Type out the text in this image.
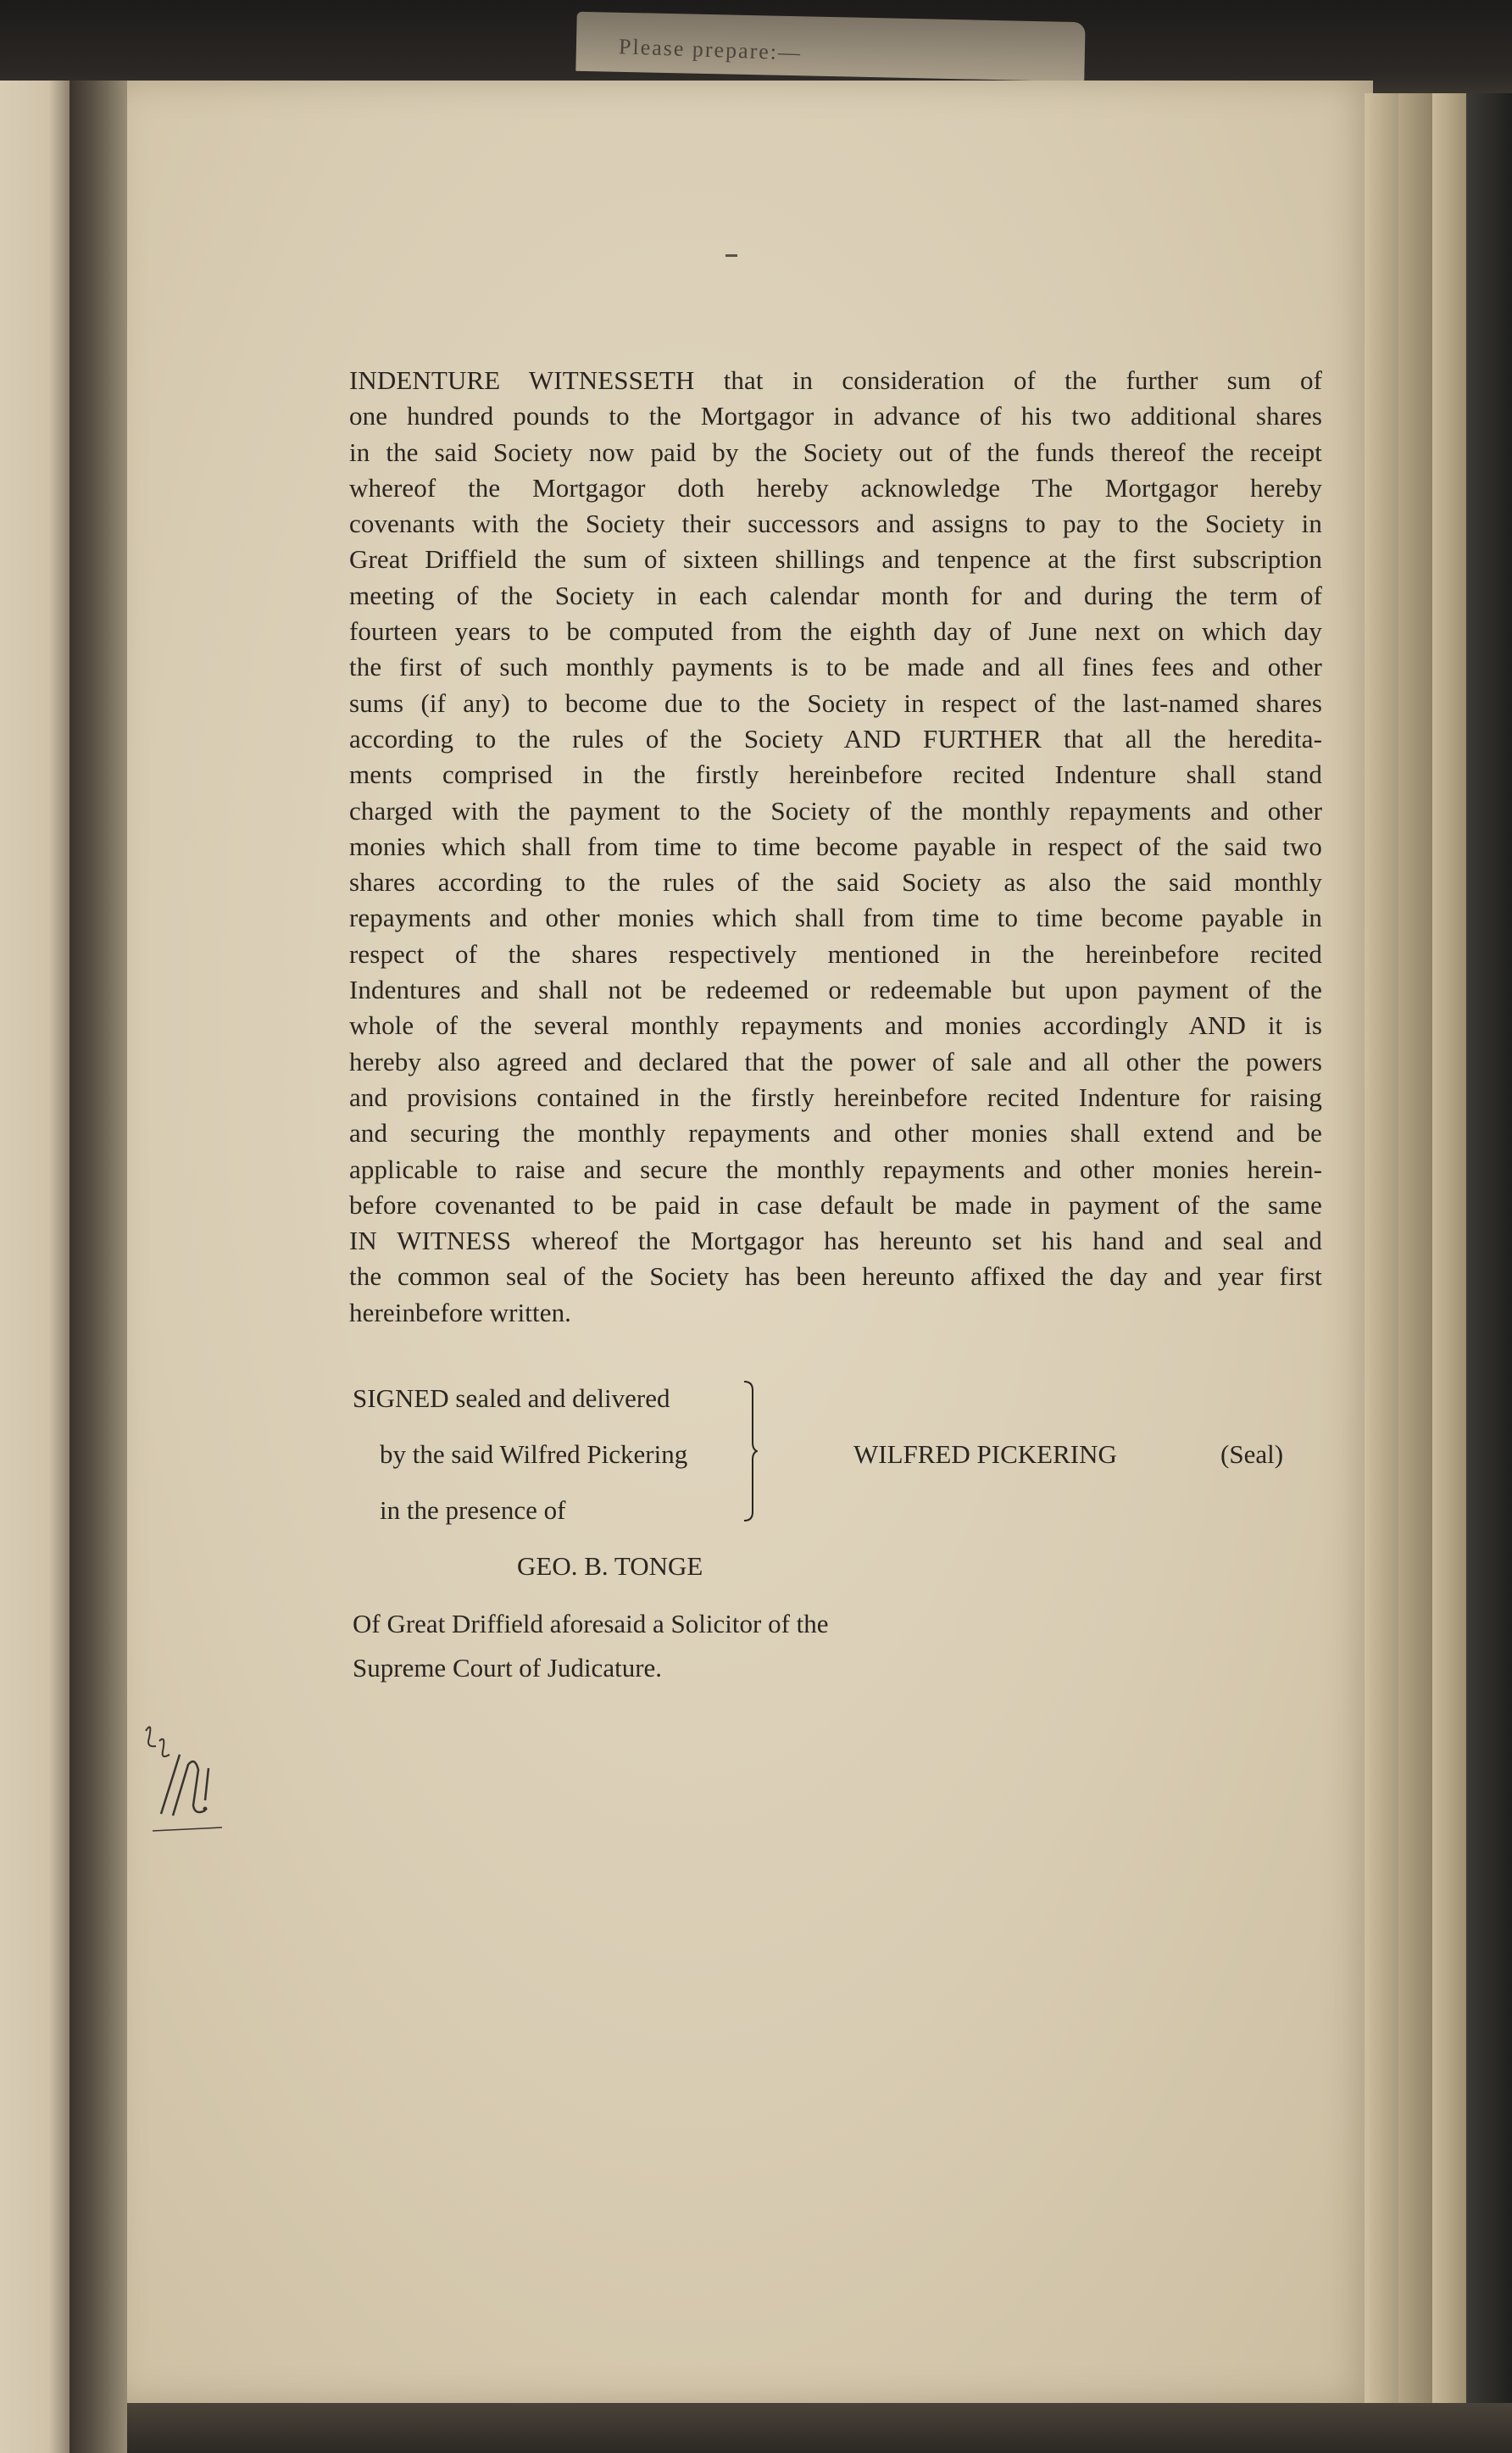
Please prepare:—
INDENTURE WITNESSETH that in consideration of the further sum of
one hundred pounds to the Mortgagor in advance of his two additional shares
in the said Society now paid by the Society out of the funds thereof the receipt
whereof the Mortgagor doth hereby acknowledge The Mortgagor hereby
covenants with the Society their successors and assigns to pay to the Society in
Great Driffield the sum of sixteen shillings and tenpence at the first subscription
meeting of the Society in each calendar month for and during the term of
fourteen years to be computed from the eighth day of June next on which day
the first of such monthly payments is to be made and all fines fees and other
sums (if any) to become due to the Society in respect of the last-named shares
according to the rules of the Society AND FURTHER that all the heredita-
ments comprised in the firstly hereinbefore recited Indenture shall stand
charged with the payment to the Society of the monthly repayments and other
monies which shall from time to time become payable in respect of the said two
shares according to the rules of the said Society as also the said monthly
repayments and other monies which shall from time to time become payable in
respect of the shares respectively mentioned in the hereinbefore recited
Indentures and shall not be redeemed or redeemable but upon payment of the
whole of the several monthly repayments and monies accordingly AND it is
hereby also agreed and declared that the power of sale and all other the powers
and provisions contained in the firstly hereinbefore recited Indenture for raising
and securing the monthly repayments and other monies shall extend and be
applicable to raise and secure the monthly repayments and other monies herein-
before covenanted to be paid in case default be made in payment of the same
IN WITNESS whereof the Mortgagor has hereunto set his hand and seal and
the common seal of the Society has been hereunto affixed the day and year first
hereinbefore written.
SIGNED sealed and delivered
by the said Wilfred Pickering
in the presence of
WILFRED PICKERING	(Seal)
GEO. B. TONGE
Of Great Driffield aforesaid a Solicitor of the
Supreme Court of Judicature.
